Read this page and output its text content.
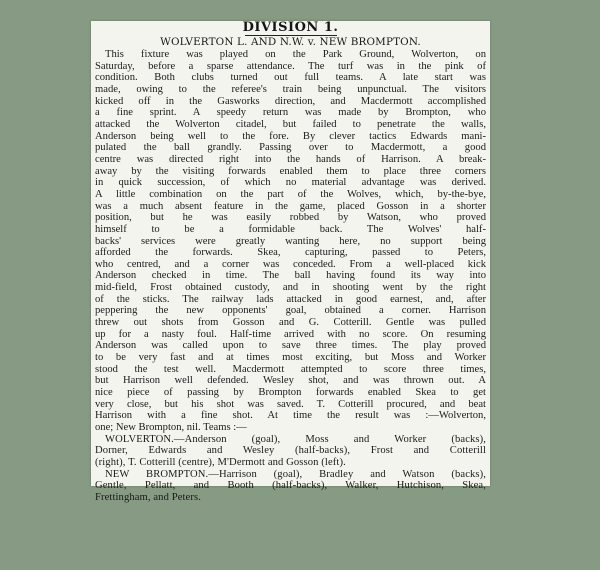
DIVISION 1.
WOLVERTON L. AND N.W. v. NEW BROMPTON.
This fixture was played on the Park Ground, Wolverton, on
Saturday, before a sparse attendance. The turf was in the pink of
condition. Both clubs turned out full teams. A late start was
made, owing to the referee's train being unpunctual. The visitors
kicked off in the Gasworks direction, and Macdermott accomplished
a fine sprint. A speedy return was made by Brompton, who
attacked the Wolverton citadel, but failed to penetrate the walls,
Anderson being well to the fore. By clever tactics Edwards mani-
pulated the ball grandly. Passing over to Macdermott, a good
centre was directed right into the hands of Harrison. A break-
away by the visiting forwards enabled them to place three corners
in quick succession, of which no material advantage was derived.
A little combination on the part of the Wolves, which, by-the-bye,
was a much absent feature in the game, placed Gosson in a shorter
position, but he was easily robbed by Watson, who proved
himself to be a formidable back. The Wolves' half-
backs' services were greatly wanting here, no support being
afforded the forwards. Skea, capturing, passed to Peters,
who centred, and a corner was conceded. From a well-placed kick
Anderson checked in time. The ball having found its way into
mid-field, Frost obtained custody, and in shooting went by the right
of the sticks. The railway lads attacked in good earnest, and, after
peppering the new opponents' goal, obtained a corner. Harrison
threw out shots from Gosson and G. Cotterill. Gentle was pulled
up for a nasty foul. Half-time arrived with no score. On resuming
Anderson was called upon to save three times. The play proved
to be very fast and at times most exciting, but Moss and Worker
stood the test well. Macdermott attempted to score three times,
but Harrison well defended. Wesley shot, and was thrown out. A
nice piece of passing by Brompton forwards enabled Skea to get
very close, but his shot was saved. T. Cotterill procured, and beat
Harrison with a fine shot. At time the result was :—Wolverton,
one; New Brompton, nil. Teams :—
WOLVERTON.—Anderson (goal), Moss and Worker (backs),
Dorner, Edwards and Wesley (half-backs), Frost and Cotterill
(right), T. Cotterill (centre), M'Dermott and Gosson (left).
NEW BROMPTON.—Harrison (goal), Bradley and Watson (backs),
Gentle, Pellatt, and Booth (half-backs), Walker, Hutchison, Skea,
Frettingham, and Peters.
